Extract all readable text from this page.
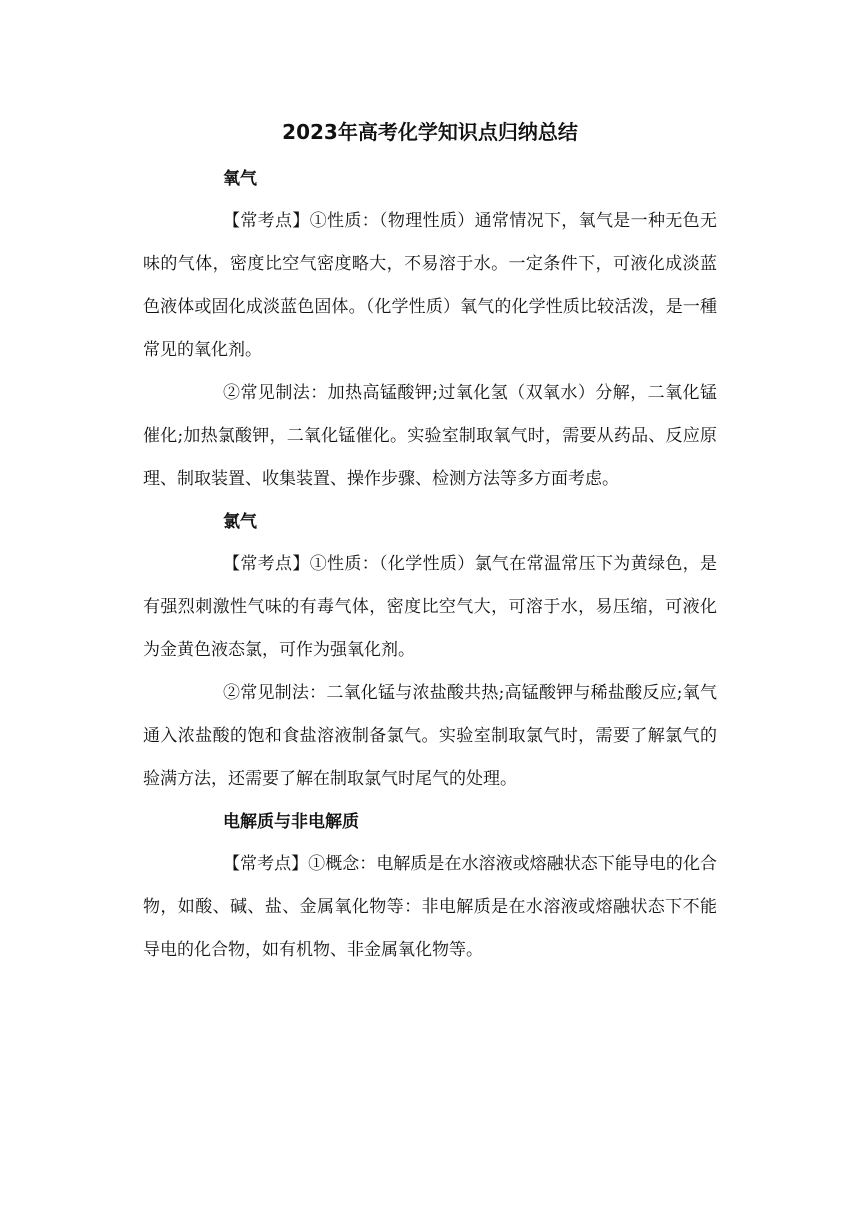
2023年高考化学知识点归纳总结
氧气

【常考点】①性质：（物理性质）通常情况下，氧气是一种无色无味的气体，密度比空气密度略大，不易溶于水。一定条件下，可液化成淡蓝色液体或固化成淡蓝色固体。（化学性质）氧气的化学性质比较活泼，是一種常见的氧化剂。

②常见制法：加热高锰酸钾;过氧化氢（双氧水）分解，二氧化锰催化;加热氯酸钾，二氧化锰催化。实验室制取氧气时，需要从药品、反应原理、制取装置、收集装置、操作步骤、检测方法等多方面考虑。

氯气

【常考点】①性质：（化学性质）氯气在常温常压下为黄绿色，是有强烈刺激性气味的有毒气体，密度比空气大，可溶于水，易压缩，可液化为金黄色液态氯，可作为强氧化剂。

②常见制法：二氧化锰与浓盐酸共热;高锰酸钾与稀盐酸反应;氧气通入浓盐酸的饱和食盐溶液制备氯气。实验室制取氯气时，需要了解氯气的验满方法，还需要了解在制取氯气时尾气的处理。

电解质与非电解质

【常考点】①概念：电解质是在水溶液或熔融状态下能导电的化合物，如酸、碱、盐、金属氧化物等：非电解质是在水溶液或熔融状态下不能导电的化合物，如有机物、非金属氧化物等。
